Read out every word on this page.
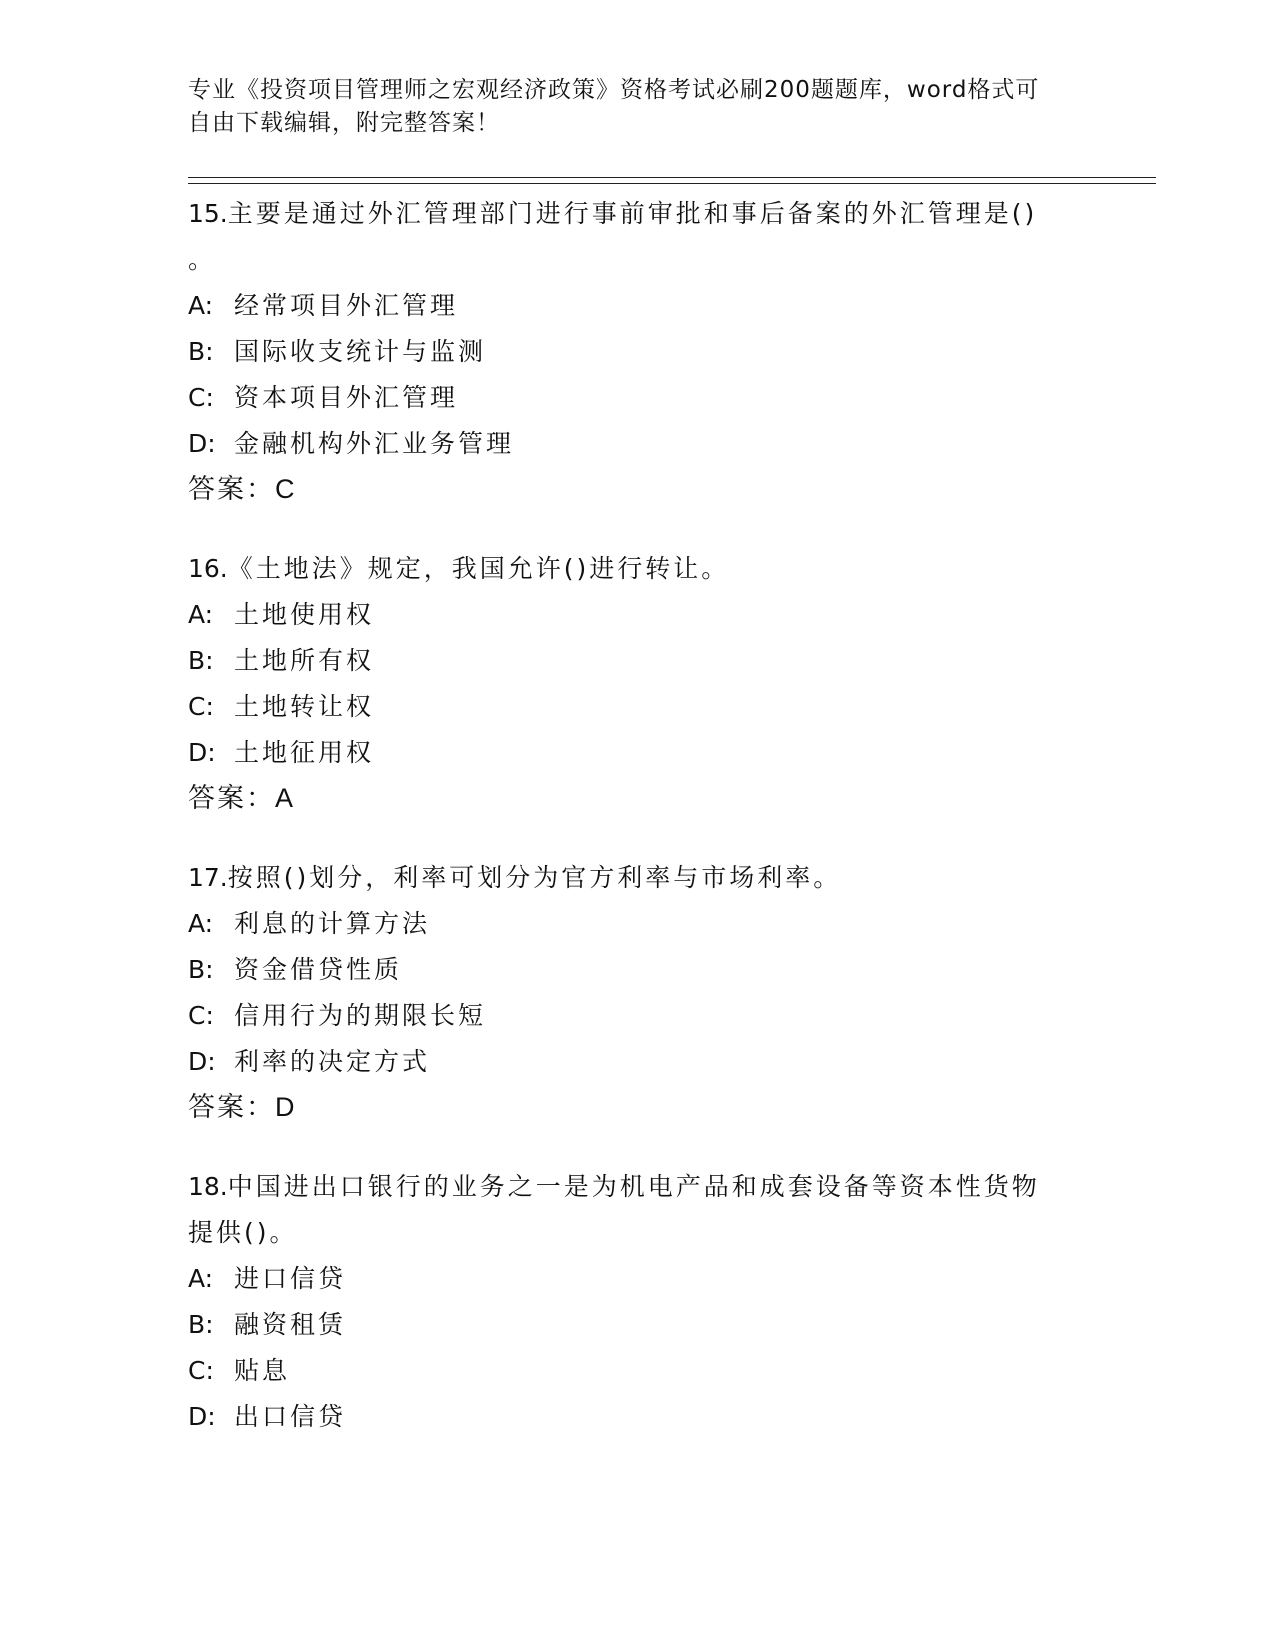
专业《投资项目管理师之宏观经济政策》资格考试必刷200题题库，word格式可
自由下载编辑，附完整答案！
15.主要是通过外汇管理部门进行事前审批和事后备案的外汇管理是()
。
A: 经常项目外汇管理
B: 国际收支统计与监测
C: 资本项目外汇管理
D: 金融机构外汇业务管理
答案：C
16.《土地法》规定，我国允许()进行转让。
A: 土地使用权
B: 土地所有权
C: 土地转让权
D: 土地征用权
答案：A
17.按照()划分，利率可划分为官方利率与市场利率。
A: 利息的计算方法
B: 资金借贷性质
C: 信用行为的期限长短
D: 利率的决定方式
答案：D
18.中国进出口银行的业务之一是为机电产品和成套设备等资本性货物
提供()。
A: 进口信贷
B: 融资租赁
C: 贴息
D: 出口信贷
